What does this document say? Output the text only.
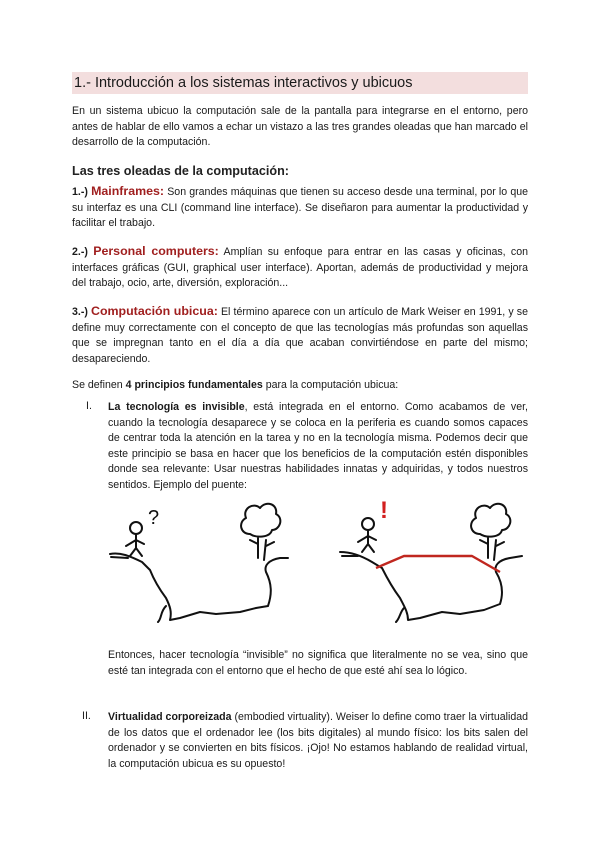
1.- Introducción a los sistemas interactivos y ubicuos
En un sistema ubicuo la computación sale de la pantalla para integrarse en el entorno, pero antes de hablar de ello vamos a echar un vistazo a las tres grandes oleadas que han marcado el desarrollo de la computación.
Las tres oleadas de la computación:
1.-) Mainframes: Son grandes máquinas que tienen su acceso desde una terminal, por lo que su interfaz es una CLI (command line interface). Se diseñaron para aumentar la productividad y facilitar el trabajo.
2.-) Personal computers: Amplían su enfoque para entrar en las casas y oficinas, con interfaces gráficas (GUI, graphical user interface). Aportan, además de productividad y mejora del trabajo, ocio, arte, diversión, exploración...
3.-) Computación ubicua: El término aparece con un artículo de Mark Weiser en 1991, y se define muy correctamente con el concepto de que las tecnologías más profundas son aquellas que se impregnan tanto en el día a día que acaban convirtiéndose en parte del mismo; desapareciendo.
Se definen 4 principios fundamentales para la computación ubicua:
I. La tecnología es invisible, está integrada en el entorno. Como acabamos de ver, cuando la tecnología desaparece y se coloca en la periferia es cuando somos capaces de centrar toda la atención en la tarea y no en la tecnología misma. Podemos decir que este principio se basa en hacer que los beneficios de la computación estén disponibles donde sea relevante: Usar nuestras habilidades innatas y adquiridas, y todos nuestros sentidos. Ejemplo del puente:
?	!
Entonces, hacer tecnología “invisible” no significa que literalmente no se vea, sino que esté tan integrada con el entorno que el hecho de que esté ahí sea lo lógico.
II. Virtualidad corporeizada (embodied virtuality). Weiser lo define como traer la virtualidad de los datos que el ordenador lee (los bits digitales) al mundo físico: los bits salen del ordenador y se convierten en bits físicos. ¡Ojo! No estamos hablando de realidad virtual, la computación ubicua es su opuesto!
